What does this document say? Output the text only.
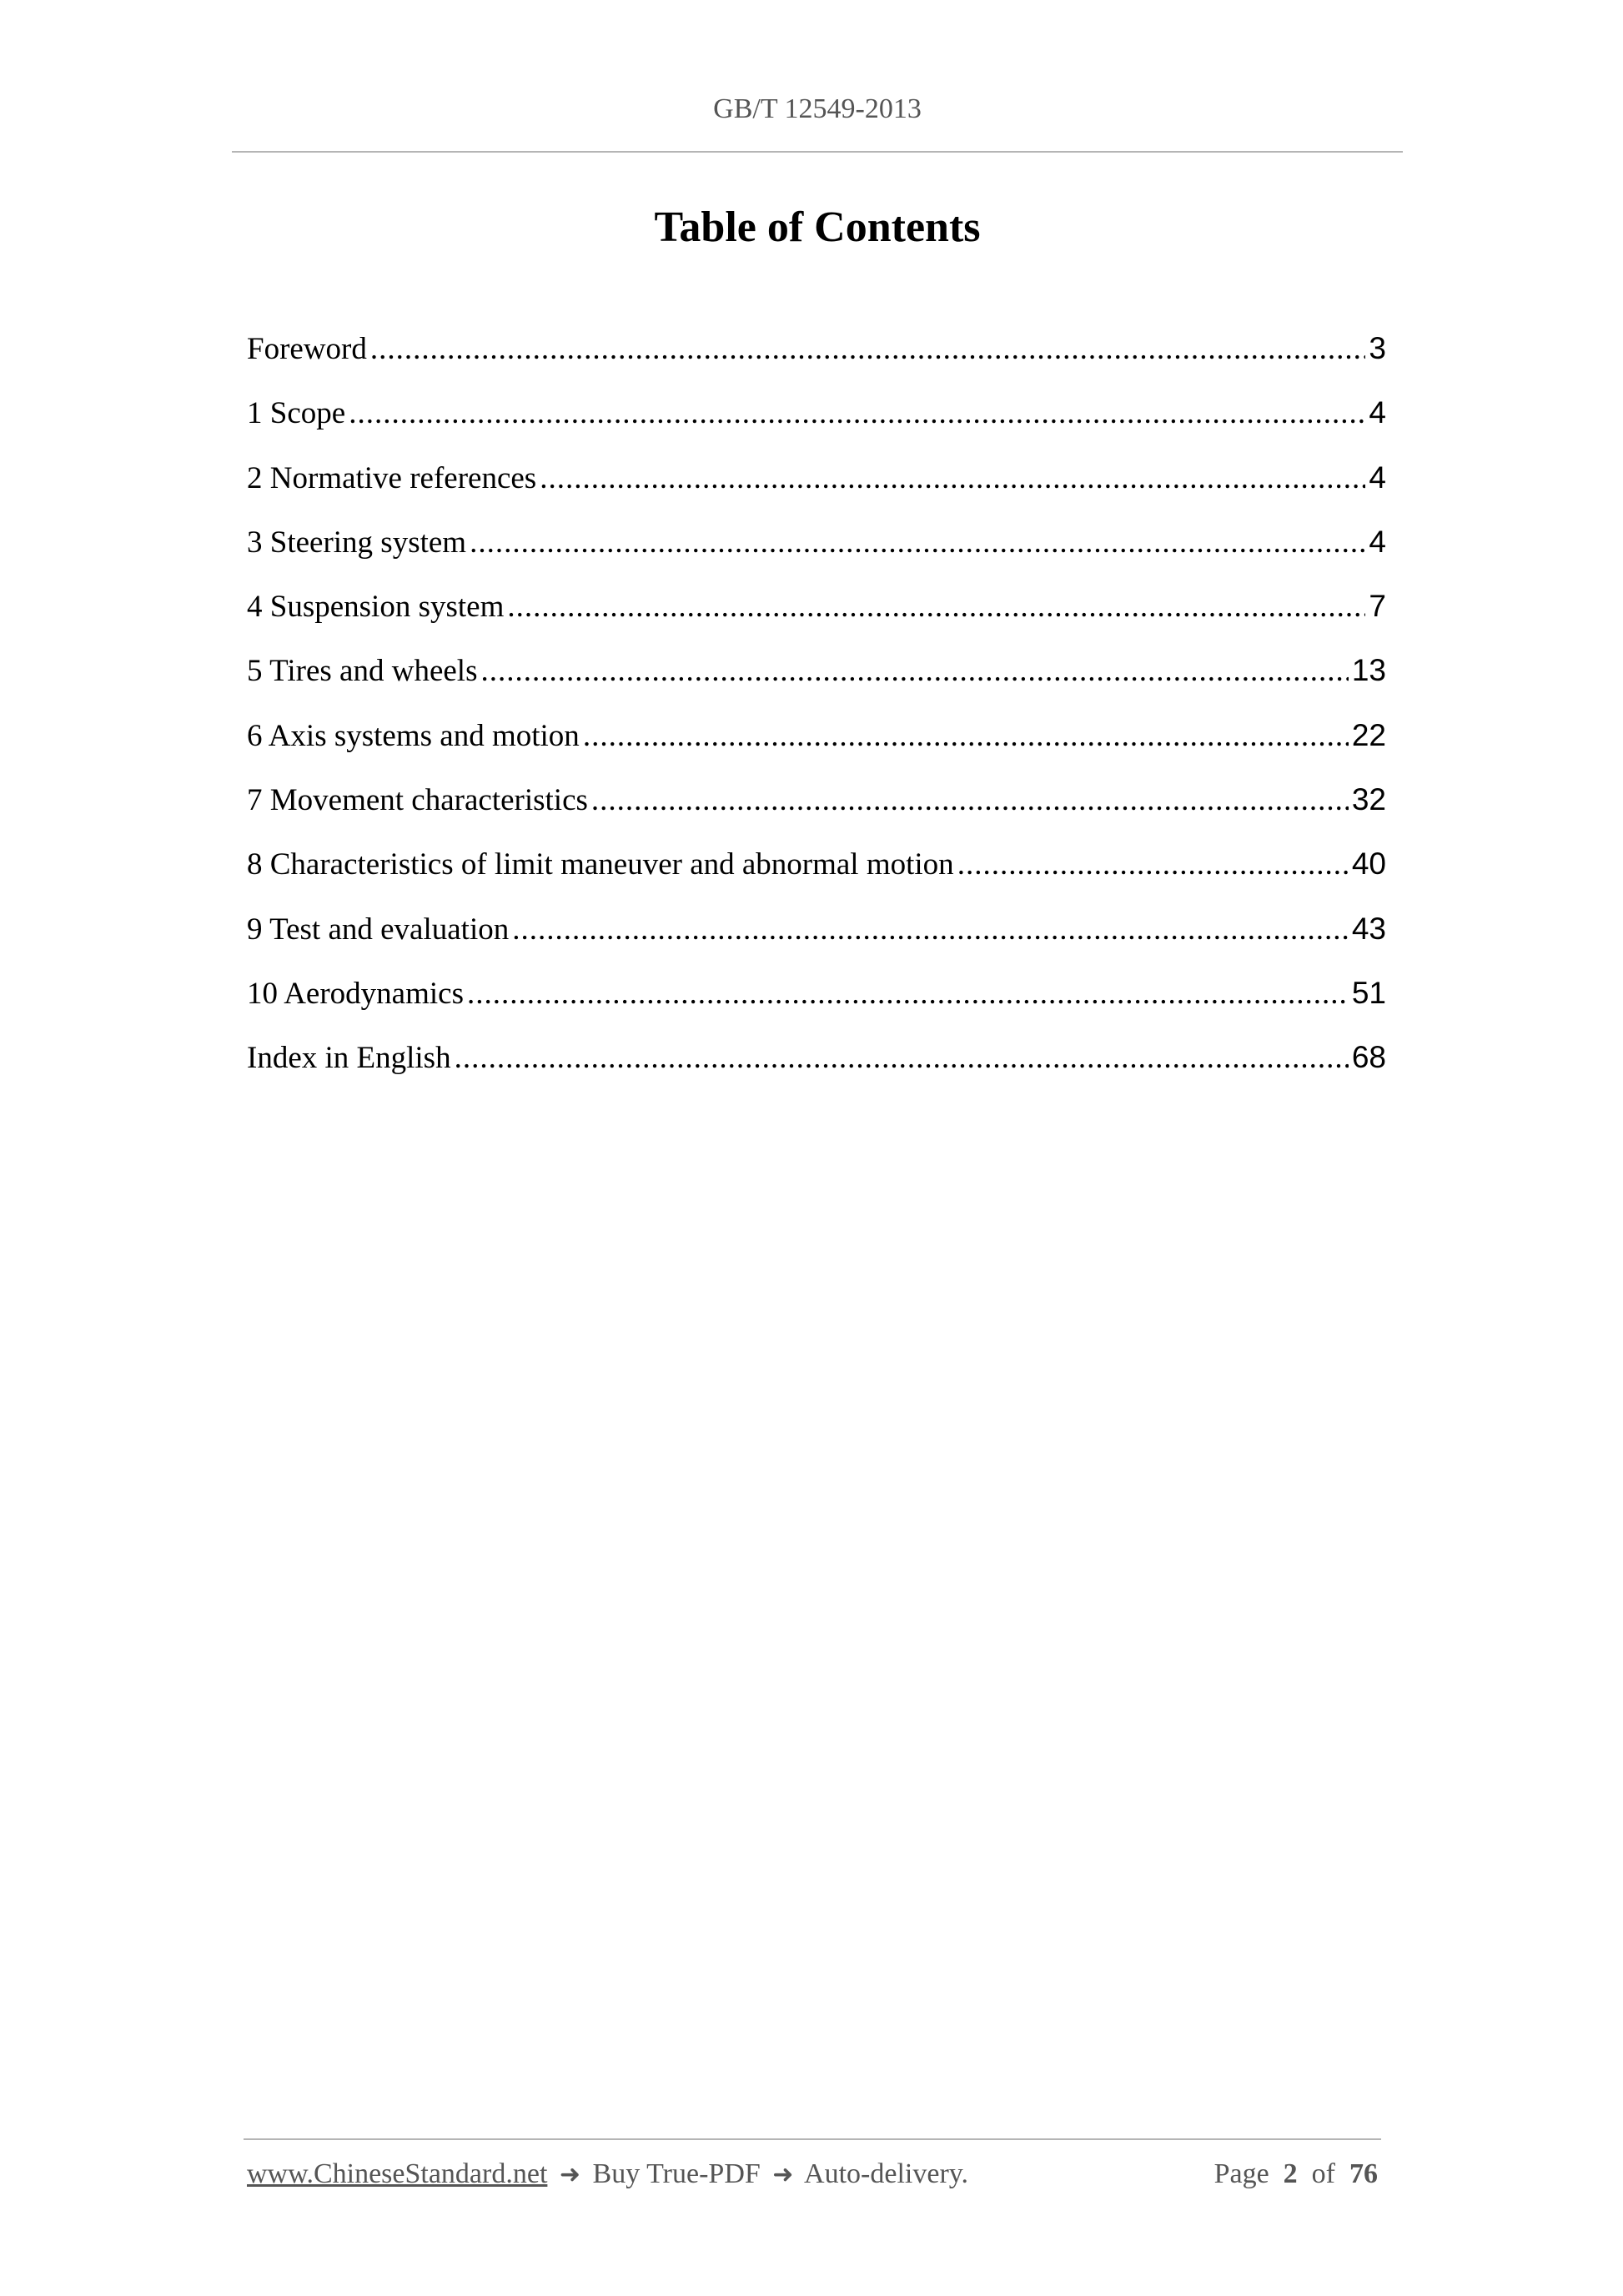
GB/T 12549-2013
Table of Contents
Foreword .....	3
1 Scope .....	4
2 Normative references .....	4
3 Steering system .....	4
4 Suspension system .....	7
5 Tires and wheels .....	13
6 Axis systems and motion .....	22
7 Movement characteristics .....	32
8 Characteristics of limit maneuver and abnormal motion .....	40
9 Test and evaluation .....	43
10 Aerodynamics .....	51
Index in English .....	68
www.ChineseStandard.net ➜ Buy True-PDF ➜ Auto-delivery.	Page 2 of 76
